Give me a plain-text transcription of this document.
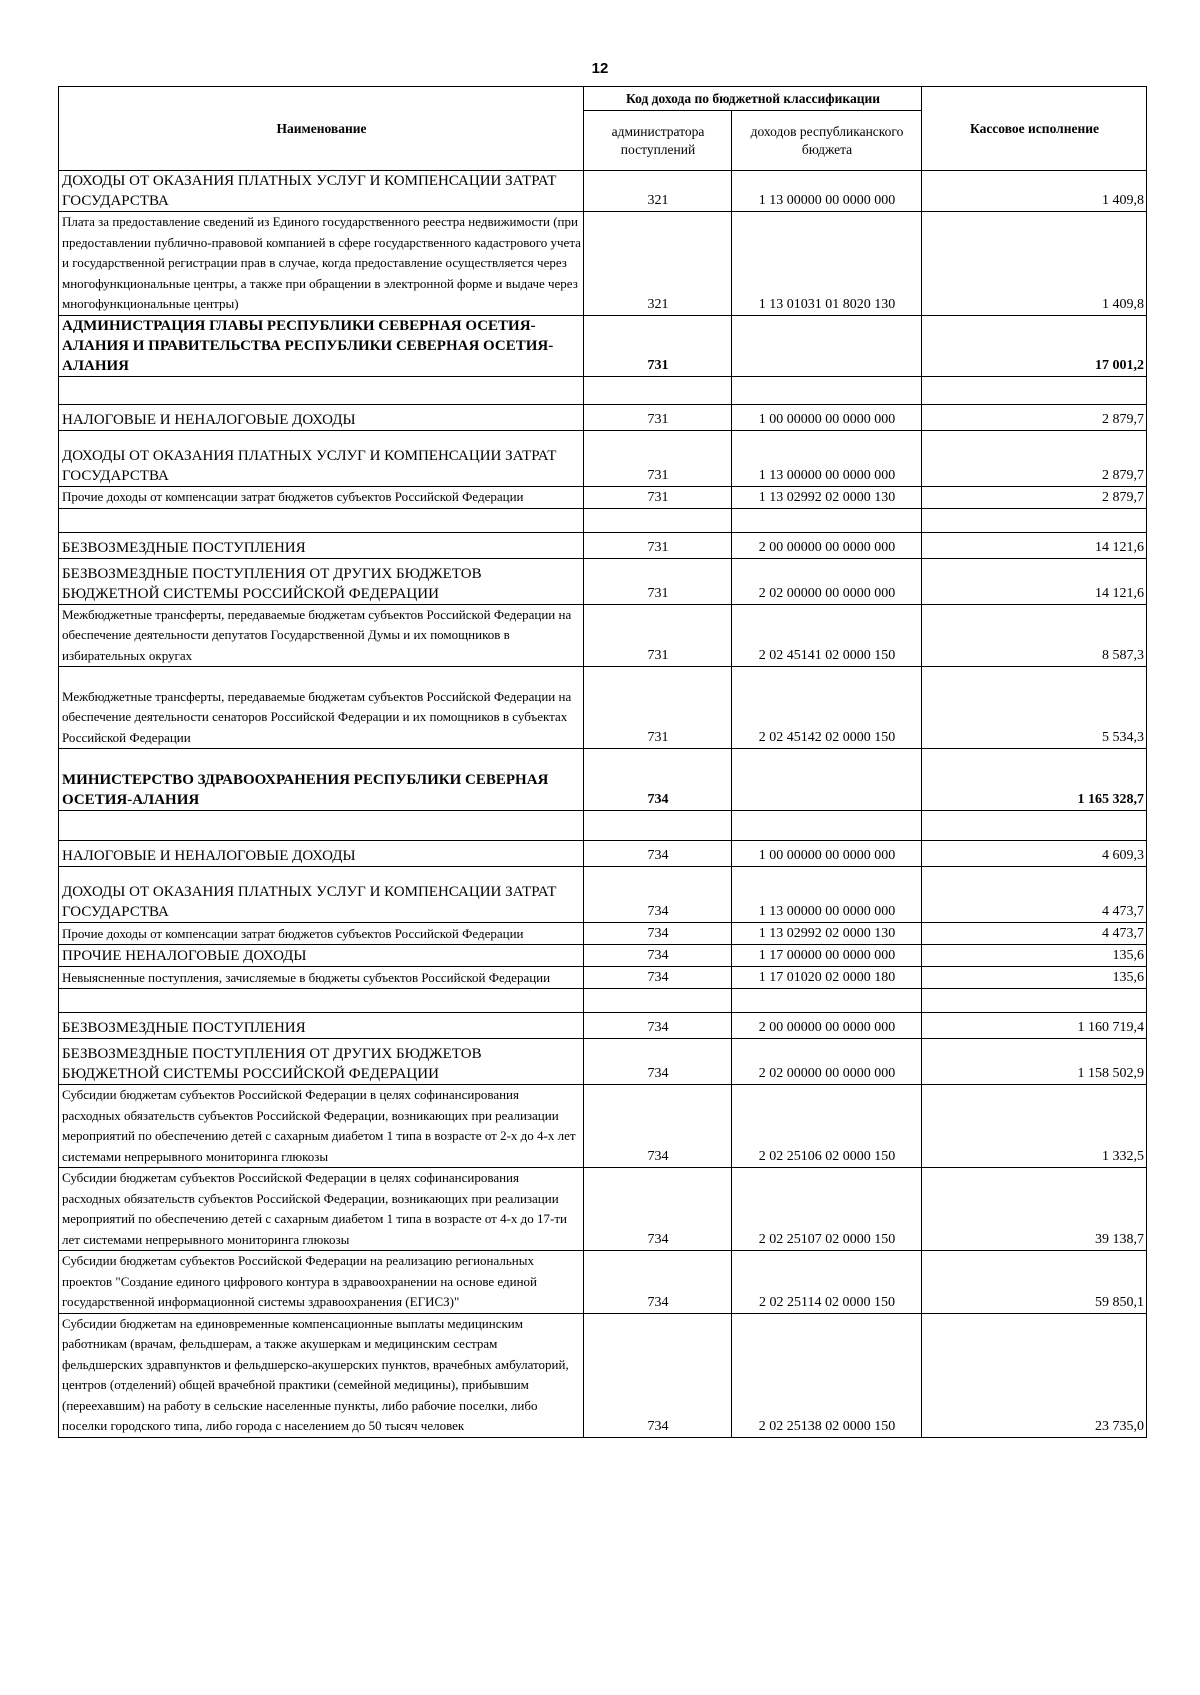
12
Наименование	Код дохода по бюджетной классификации		Кассовое исполнение
	администратора поступлений	доходов республиканского бюджета	
ДОХОДЫ ОТ ОКАЗАНИЯ ПЛАТНЫХ УСЛУГ И КОМПЕНСАЦИИ ЗАТРАТ ГОСУДАРСТВА	321	1 13 00000 00 0000 000	1 409,8
Плата за предоставление сведений из Единого государственного реестра недвижимости (при предоставлении публично-правовой компанией в сфере государственного кадастрового учета и государственной регистрации прав в случае, когда предоставление осуществляется через многофункциональные центры, а также при обращении в электронной форме и выдаче через многофункциональные центры)	321	1 13 01031 01 8020 130	1 409,8
АДМИНИСТРАЦИЯ ГЛАВЫ РЕСПУБЛИКИ СЕВЕРНАЯ ОСЕТИЯ-АЛАНИЯ И ПРАВИТЕЛЬСТВА РЕСПУБЛИКИ СЕВЕРНАЯ ОСЕТИЯ-АЛАНИЯ	731		17 001,2

НАЛОГОВЫЕ И НЕНАЛОГОВЫЕ ДОХОДЫ	731	1 00 00000 00 0000 000	2 879,7
ДОХОДЫ ОТ ОКАЗАНИЯ ПЛАТНЫХ УСЛУГ И КОМПЕНСАЦИИ ЗАТРАТ ГОСУДАРСТВА	731	1 13 00000 00 0000 000	2 879,7
Прочие доходы от компенсации затрат бюджетов субъектов Российской Федерации	731	1 13 02992 02 0000 130	2 879,7

БЕЗВОЗМЕЗДНЫЕ ПОСТУПЛЕНИЯ	731	2 00 00000 00 0000 000	14 121,6
БЕЗВОЗМЕЗДНЫЕ ПОСТУПЛЕНИЯ ОТ ДРУГИХ БЮДЖЕТОВ БЮДЖЕТНОЙ СИСТЕМЫ РОССИЙСКОЙ ФЕДЕРАЦИИ	731	2 02 00000 00 0000 000	14 121,6
Межбюджетные трансферты, передаваемые бюджетам субъектов Российской Федерации на обеспечение деятельности депутатов Государственной Думы и их помощников в избирательных округах	731	2 02 45141 02 0000 150	8 587,3
Межбюджетные трансферты, передаваемые бюджетам субъектов Российской Федерации на обеспечение деятельности сенаторов Российской Федерации и их помощников в субъектах Российской Федерации	731	2 02 45142 02 0000 150	5 534,3
МИНИСТЕРСТВО ЗДРАВООХРАНЕНИЯ РЕСПУБЛИКИ СЕВЕРНАЯ ОСЕТИЯ-АЛАНИЯ	734		1 165 328,7

НАЛОГОВЫЕ И НЕНАЛОГОВЫЕ ДОХОДЫ	734	1 00 00000 00 0000 000	4 609,3
ДОХОДЫ ОТ ОКАЗАНИЯ ПЛАТНЫХ УСЛУГ И КОМПЕНСАЦИИ ЗАТРАТ ГОСУДАРСТВА	734	1 13 00000 00 0000 000	4 473,7
Прочие доходы от компенсации затрат бюджетов субъектов Российской Федерации	734	1 13 02992 02 0000 130	4 473,7
ПРОЧИЕ НЕНАЛОГОВЫЕ ДОХОДЫ	734	1 17 00000 00 0000 000	135,6
Невыясненные поступления, зачисляемые в бюджеты субъектов Российской Федерации	734	1 17 01020 02 0000 180	135,6

БЕЗВОЗМЕЗДНЫЕ ПОСТУПЛЕНИЯ	734	2 00 00000 00 0000 000	1 160 719,4
БЕЗВОЗМЕЗДНЫЕ ПОСТУПЛЕНИЯ ОТ ДРУГИХ БЮДЖЕТОВ БЮДЖЕТНОЙ СИСТЕМЫ РОССИЙСКОЙ ФЕДЕРАЦИИ	734	2 02 00000 00 0000 000	1 158 502,9
Субсидии бюджетам субъектов Российской Федерации в целях софинансирования расходных обязательств субъектов Российской Федерации, возникающих при реализации мероприятий по обеспечению детей с сахарным диабетом 1 типа в возрасте от 2-х до 4-х лет системами непрерывного мониторинга глюкозы	734	2 02 25106 02 0000 150	1 332,5
Субсидии бюджетам субъектов Российской Федерации в целях софинансирования расходных обязательств субъектов Российской Федерации, возникающих при реализации мероприятий по обеспечению детей с сахарным диабетом 1 типа в возрасте от 4-х до 17-ти лет системами непрерывного мониторинга глюкозы	734	2 02 25107 02 0000 150	39 138,7
Субсидии бюджетам субъектов Российской Федерации на реализацию региональных проектов "Создание единого цифрового контура в здравоохранении на основе единой государственной информационной системы здравоохранения (ЕГИСЗ)"	734	2 02 25114 02 0000 150	59 850,1
Субсидии бюджетам на единовременные компенсационные выплаты медицинским работникам (врачам, фельдшерам, а также акушеркам и медицинским сестрам фельдшерских здравпунктов и фельдшерско-акушерских пунктов, врачебных амбулаторий, центров (отделений) общей врачебной практики (семейной медицины), прибывшим (переехавшим) на работу в сельские населенные пункты, либо рабочие поселки, либо поселки городского типа, либо города с населением до 50 тысяч человек	734	2 02 25138 02 0000 150	23 735,0
